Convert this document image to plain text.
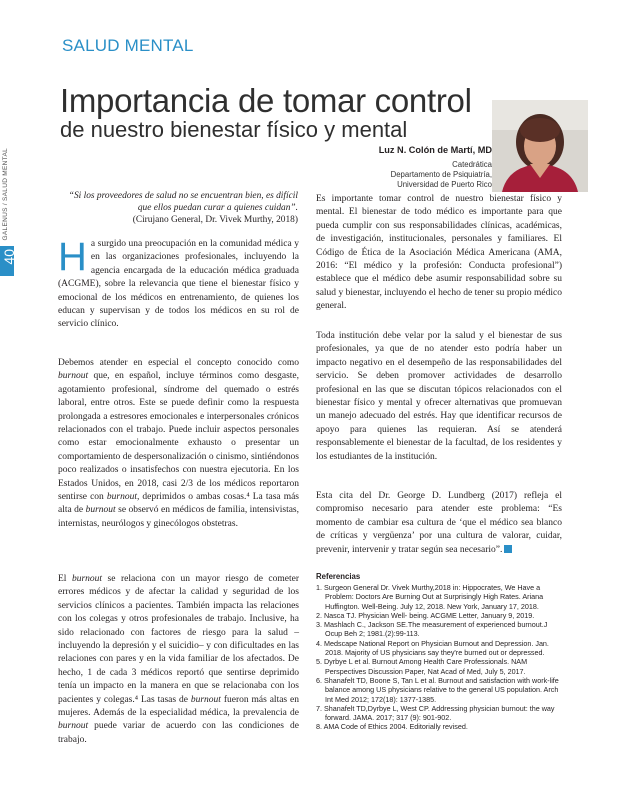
SALUD MENTAL
GALENUS / SALUD MENTAL
40
Importancia de tomar control
de nuestro bienestar físico y mental
Luz N. Colón de Martí, MD
Catedrática
Departamento de Psiquiatría,
Universidad de Puerto Rico
“Si los proveedores de salud no se encuentran bien, es difícil que ellos puedan curar a quienes cuidan”.
(Cirujano General, Dr. Vivek Murthy, 2018)
Ha surgido una preocupación en la comunidad médica y en las organizaciones profesionales, incluyendo la agencia encargada de la educación médica graduada (ACGME), sobre la relevancia que tiene el bienestar físico y emocional de los médicos en entrenamiento, de quienes los educan y supervisan y de todos los médicos en su rol de servicio clínico.

Debemos atender en especial el concepto conocido como burnout que, en español, incluye términos como desgaste, agotamiento profesional, síndrome del quemado o estrés laboral, entre otros. Este se puede definir como la respuesta prolongada a estresores emocionales e interpersonales crónicos relacionados con el trabajo. Puede incluir aspectos personales como estar emocionalmente exhausto o presentar un comportamiento de despersonalización o cinismo, sintiéndonos poco realizados o insatisfechos con nuestra ejecutoria. En los Estados Unidos, en 2018, casi 2/3 de los médicos reportaron sentirse con burnout, deprimidos o ambas cosas.⁴ La tasa más alta de burnout se observó en médicos de familia, intensivistas, internistas, neurólogos y ginecólogos obstetras.

El burnout se relaciona con un mayor riesgo de cometer errores médicos y de afectar la calidad y seguridad de los servicios clínicos a pacientes. También impacta las relaciones con los colegas y otros profesionales de trabajo. Inclusive, ha sido relacionado con factores de riesgo para la salud –incluyendo la depresión y el suicidio– y con dificultades en las relaciones con pares y en la vida familiar de los afectados. De hecho, 1 de cada 3 médicos reportó que sentirse deprimido tenía un impacto en la manera en que se relacionaba con los pacientes y colegas.⁴ Las tasas de burnout fueron más altas en mujeres. Además de la especialidad médica, la prevalencia de burnout puede variar de acuerdo con las condiciones de trabajo.

Es importante tomar control de nuestro bienestar físico y mental. El bienestar de todo médico es importante para que pueda cumplir con sus responsabilidades clínicas, académicas, de investigación, institucionales, personales y familiares. El Código de Ética de la Asociación Médica Americana (AMA, 2016: “El médico y la profesión: Conducta profesional”) establece que el médico debe asumir responsabilidad sobre su salud y bienestar, incluyendo el hecho de tener su propio médico general.

Toda institución debe velar por la salud y el bienestar de sus profesionales, ya que de no atender esto podría haber un impacto negativo en el desempeño de las responsabilidades del servicio. Se deben promover actividades de desarrollo profesional en las que se discutan tópicos relacionados con el bienestar físico y mental y ofrecer alternativas que promuevan un manejo adecuado del estrés. Hay que identificar recursos de apoyo para quienes las requieran. Así se atenderá responsablemente el bienestar de la facultad, de los residentes y los estudiantes de la institución.

Esta cita del Dr. George D. Lundberg (2017) refleja el compromiso necesario para atender este problema: “Es momento de cambiar esa cultura de ‘que el médico sea blanco de críticas y vergüenza’ por una cultura de valorar, cuidar, prevenir, intervenir y tratar según sea necesario”.

Referencias
1. Surgeon General Dr. Vivek Murthy,2018 in: Hippocrates, We Have a Problem: Doctors Are Burning Out at Surprisingly High Rates. Ariana Huffington. Well-Being. July 12, 2018. New York, January 17, 2018.
2. Nasca TJ. Physician Well- being. ACGME Letter, January 9, 2019.
3. Mashlach C., Jackson SE.The measurement of experienced burnout.J Ocup Beh 2; 1981.(2):99-113.
4. Medscape National Report on Physician Burnout and Depression. Jan. 2018. Majority of US physicians say they're burned out or depressed.
5. Dyrbye L et al. Burnout Among Health Care Professionals. NAM Perspectives Discussion Paper, Nat Acad of Med, July 5, 2017.
6. Shanafelt TD, Boone S, Tan L et al. Burnout and satisfaction with work-life balance among US physicians relative to the general US population. Arch Int Med 2012; 172(18): 1377-1385.
7. Shanafelt TD,Dyrbye L, West CP. Addressing physician burnout: the way forward. JAMA. 2017; 317 (9): 901-902.
8. AMA Code of Ethics 2004. Editorially revised.
